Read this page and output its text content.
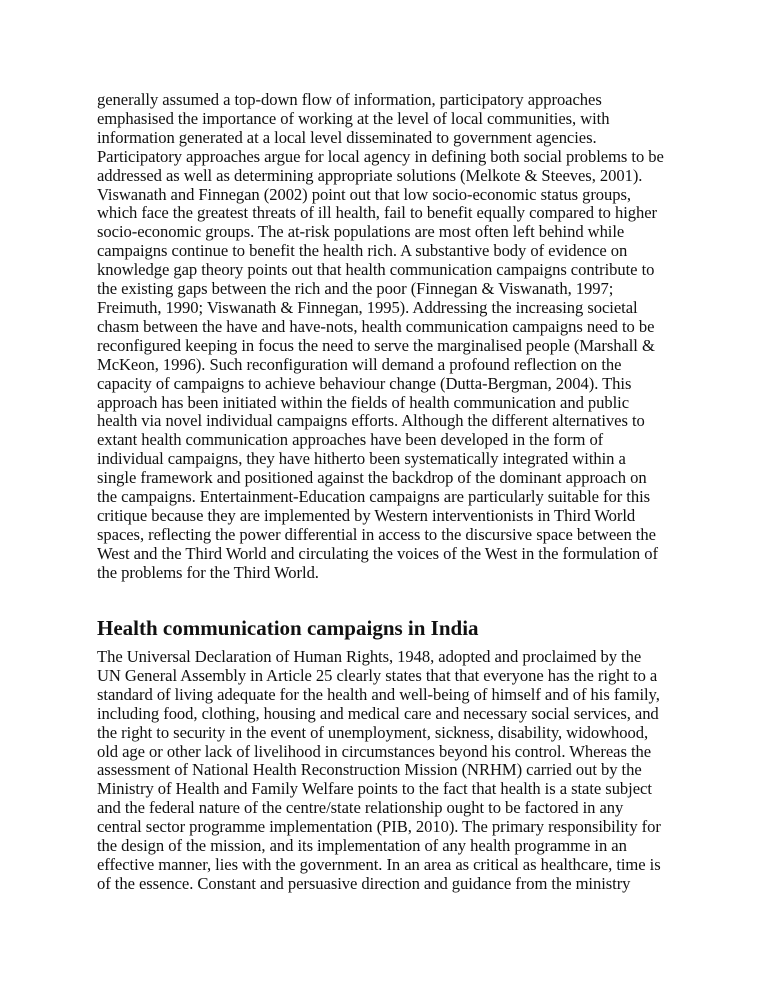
generally assumed a top-down flow of information, participatory approaches
emphasised the importance of working at the level of local communities, with
information generated at a local level disseminated to government agencies.
Participatory approaches argue for local agency in defining both social problems to be
addressed as well as determining appropriate solutions (Melkote & Steeves, 2001).
Viswanath and Finnegan (2002) point out that low socio-economic status groups,
which face the greatest threats of ill health, fail to benefit equally compared to higher
socio-economic groups. The at-risk populations are most often left behind while
campaigns continue to benefit the health rich. A substantive body of evidence on
knowledge gap theory points out that health communication campaigns contribute to
the existing gaps between the rich and the poor (Finnegan & Viswanath, 1997;
Freimuth, 1990; Viswanath & Finnegan, 1995). Addressing the increasing societal
chasm between the have and have-nots, health communication campaigns need to be
reconfigured keeping in focus the need to serve the marginalised people (Marshall &
McKeon, 1996). Such reconfiguration will demand a profound reflection on the
capacity of campaigns to achieve behaviour change (Dutta-Bergman, 2004). This
approach has been initiated within the fields of health communication and public
health via novel individual campaigns efforts. Although the different alternatives to
extant health communication approaches have been developed in the form of
individual campaigns, they have hitherto been systematically integrated within a
single framework and positioned against the backdrop of the dominant approach on
the campaigns. Entertainment-Education campaigns are particularly suitable for this
critique because they are implemented by Western interventionists in Third World
spaces, reflecting the power differential in access to the discursive space between the
West and the Third World and circulating the voices of the West in the formulation of
the problems for the Third World.
Health communication campaigns in India
The Universal Declaration of Human Rights, 1948, adopted and proclaimed by the
UN General Assembly in Article 25 clearly states that that everyone has the right to a
standard of living adequate for the health and well-being of himself and of his family,
including food, clothing, housing and medical care and necessary social services, and
the right to security in the event of unemployment, sickness, disability, widowhood,
old age or other lack of livelihood in circumstances beyond his control. Whereas the
assessment of National Health Reconstruction Mission (NRHM) carried out by the
Ministry of Health and Family Welfare points to the fact that health is a state subject
and the federal nature of the centre/state relationship ought to be factored in any
central sector programme implementation (PIB, 2010). The primary responsibility for
the design of the mission, and its implementation of any health programme in an
effective manner, lies with the government. In an area as critical as healthcare, time is
of the essence. Constant and persuasive direction and guidance from the ministry
